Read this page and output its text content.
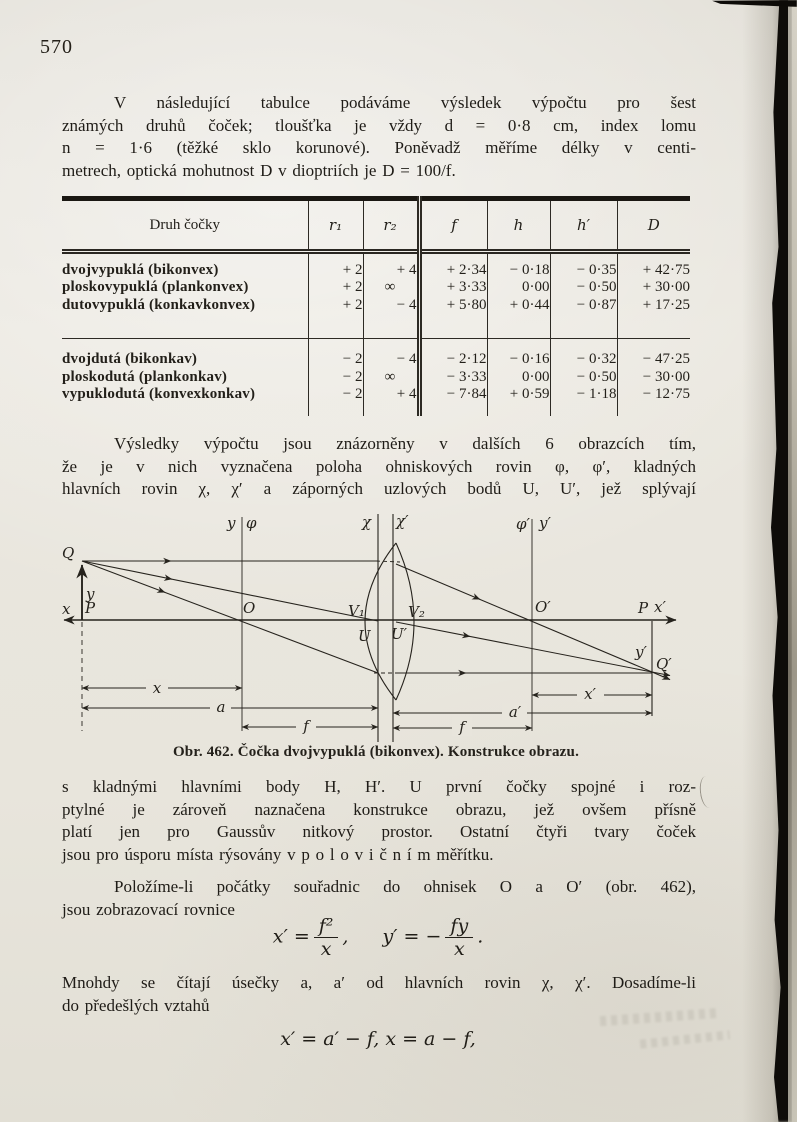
570
V následující tabulce podáváme výsledek výpočtu pro šest
známých druhů čoček; tloušťka je vždy d = 0·8 cm, index lomu
n = 1·6 (těžké sklo korunové). Poněvadž měříme délky v centi-
metrech, optická mohutnost D v dioptriích je D = 100/f.
Druh čočky	r₁	r₂	f	h	h′	D
dvojvypuklá (bikonvex)	+ 2	+ 4	+ 2·34	− 0·18	− 0·35	+ 42·75
ploskovypuklá (plankonvex)	+ 2	∞	+ 3·33	0·00	− 0·50	+ 30·00
dutovypuklá (konkavkonvex)	+ 2	− 4	+ 5·80	+ 0·44	− 0·87	+ 17·25

dvojdutá (bikonkav)	− 2	− 4	− 2·12	− 0·16	− 0·32	− 47·25
ploskodutá (plankonkav)	− 2	∞	− 3·33	0·00	− 0·50	− 30·00
vypuklodutá (konvexkonkav)	− 2	+ 4	− 7·84	+ 0·59	− 1·18	− 12·75

Výsledky výpočtu jsou znázorněny v dalších 6 obrazcích tím,
že je v nich vyznačena poloha ohniskových rovin φ, φ′, kladných
hlavních rovin χ, χ′ a záporných uzlových bodů U, U′, jež splývají
Q
y
x P
y φ
O
χ χ′
V₁	V₂
U U′
φ′ y′
O′	P x′
y′
Q′
x
a
f
x′
a′
f
Obr. 462. Čočka dvojvypuklá (bikonvex). Konstrukce obrazu.
s kladnými hlavními body H, H′. U první čočky spojné i roz-
ptylné je zároveň naznačena konstrukce obrazu, jež ovšem přísně
platí jen pro Gaussův nitkový prostor. Ostatní čtyři tvary čoček
jsou pro úsporu místa rýsovány v p o l o v i č n í m měřítku.
Položíme-li počátky souřadnic do ohnisek O a O′ (obr. 462),
jsou zobrazovací rovnice
$x' = \frac{\text{f²}}{x}$ , y′ = − $\frac{fy}{x}$ .
Mnohdy se čítají úsečky a, a′ od hlavních rovin χ, χ′. Dosadíme-li
do předešlých vztahů
x′ = a′ − f, x = a − f,
